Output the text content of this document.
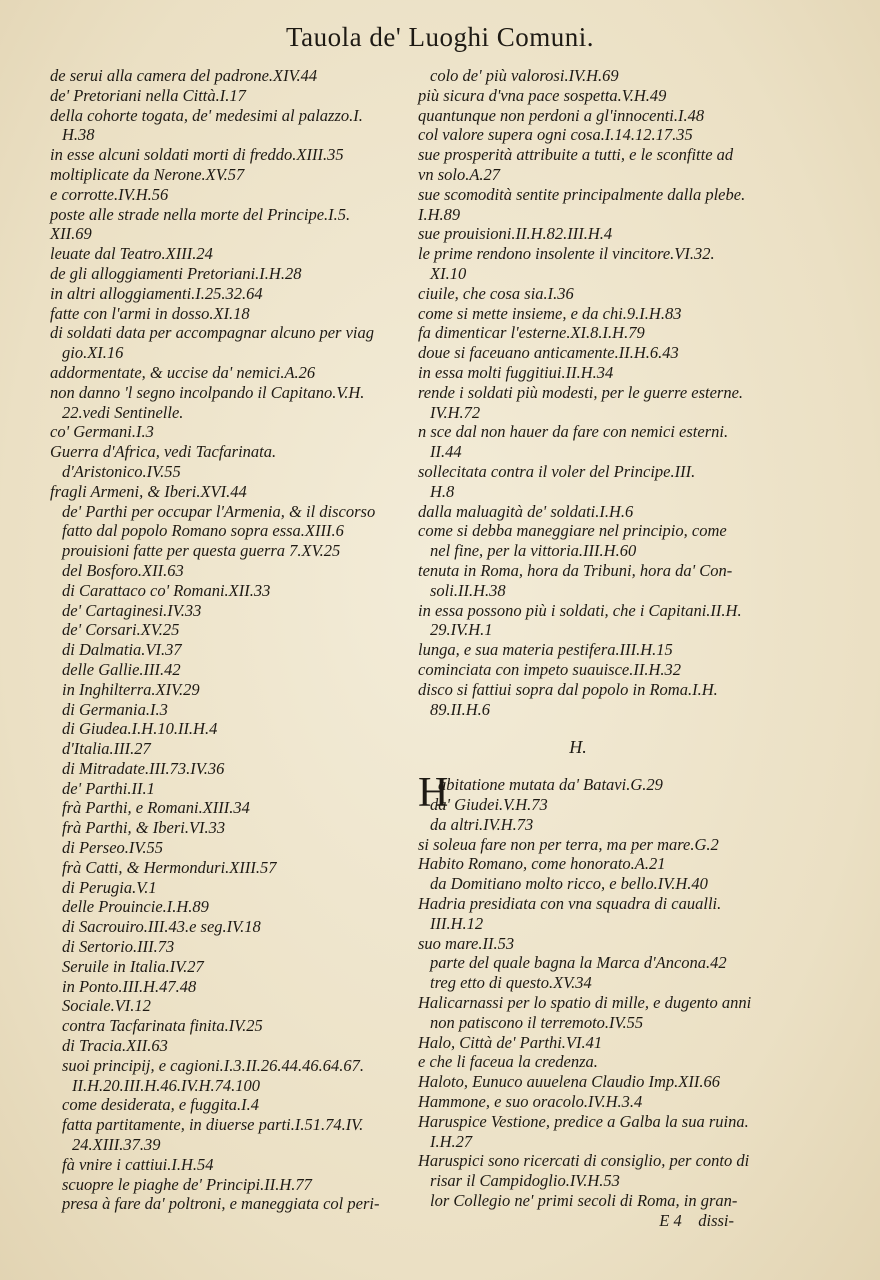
Tauola de' Luoghi Comuni.
de serui alla camera del padrone.XIV.44
de' Pretoriani nella Città.I.17
della cohorte togata, de' medesimi al palazzo.I.
H.38
in esse alcuni soldati morti di freddo.XIII.35
moltiplicate da Nerone.XV.57
e corrotte.IV.H.56
poste alle strade nella morte del Principe.I.5.
XII.69
leuate dal Teatro.XIII.24
de gli alloggiamenti Pretoriani.I.H.28
in altri alloggiamenti.I.25.32.64
fatte con l'armi in dosso.XI.18
di soldati data per accompagnar alcuno per viag
gio.XI.16
addormentate, & uccise da' nemici.A.26
non danno 'l segno incolpando il Capitano.V.H.
22.vedi Sentinelle.
co' Germani.I.3
Guerra d'Africa, vedi Tacfarinata.
d'Aristonico.IV.55
fragli Armeni, & Iberi.XVI.44
de' Parthi per occupar l'Armenia, & il discorso
fatto dal popolo Romano sopra essa.XIII.6
prouisioni fatte per questa guerra 7.XV.25
del Bosforo.XII.63
di Carattaco co' Romani.XII.33
de' Cartaginesi.IV.33
de' Corsari.XV.25
di Dalmatia.VI.37
delle Gallie.III.42
in Inghilterra.XIV.29
di Germania.I.3
di Giudea.I.H.10.II.H.4
d'Italia.III.27
di Mitradate.III.73.IV.36
de' Parthi.II.1
frà Parthi, e Romani.XIII.34
frà Parthi, & Iberi.VI.33
di Perseo.IV.55
frà Catti, & Hermonduri.XIII.57
di Perugia.V.1
delle Prouincie.I.H.89
di Sacrouiro.III.43.e seg.IV.18
di Sertorio.III.73
Seruile in Italia.IV.27
in Ponto.III.H.47.48
Sociale.VI.12
contra Tacfarinata finita.IV.25
di Tracia.XII.63
suoi principij, e cagioni.I.3.II.26.44.46.64.67.
II.H.20.III.H.46.IV.H.74.100
come desiderata, e fuggita.I.4
fatta partitamente, in diuerse parti.I.51.74.IV.
24.XIII.37.39
fà vnire i cattiui.I.H.54
scuopre le piaghe de' Principi.II.H.77
presa à fare da' poltroni, e maneggiata col peri-
colo de' più valorosi.IV.H.69
più sicura d'vna pace sospetta.V.H.49
quantunque non perdoni a gl'innocenti.I.48
col valore supera ogni cosa.I.14.12.17.35
sue prosperità attribuite a tutti, e le sconfitte ad
vn solo.A.27
sue scomodità sentite principalmente dalla plebe.
I.H.89
sue prouisioni.II.H.82.III.H.4
le prime rendono insolente il vincitore.VI.32.
XI.10
ciuile, che cosa sia.I.36
come si mette insieme, e da chi.9.I.H.83
fa dimenticar l'esterne.XI.8.I.H.79
doue si faceuano anticamente.II.H.6.43
in essa molti fuggitiui.II.H.34
rende i soldati più modesti, per le guerre esterne.
IV.H.72
n sce dal non hauer da fare con nemici esterni.
II.44
sollecitata contra il voler del Principe.III.
H.8
dalla maluagità de' soldati.I.H.6
come si debba maneggiare nel principio, come
nel fine, per la vittoria.III.H.60
tenuta in Roma, hora da Tribuni, hora da' Con-
soli.II.H.38
in essa possono più i soldati, che i Capitani.II.H.
29.IV.H.1
lunga, e sua materia pestifera.III.H.15
cominciata con impeto suauisce.II.H.32
disco si fattiui sopra dal popolo in Roma.I.H.
89.II.H.6
H.
H
abitatione mutata da' Batavi.G.29
da' Giudei.V.H.73
da altri.IV.H.73
si soleua fare non per terra, ma per mare.G.2
Habito Romano, come honorato.A.21
da Domitiano molto ricco, e bello.IV.H.40
Hadria presidiata con vna squadra di caualli.
III.H.12
suo mare.II.53
parte del quale bagna la Marca d'Ancona.42
treg etto di questo.XV.34
Halicarnassi per lo spatio di mille, e dugento anni
non patiscono il terremoto.IV.55
Halo, Città de' Parthi.VI.41
e che li faceua la credenza.
Haloto, Eunuco auuelena Claudio Imp.XII.66
Hammone, e suo oracolo.IV.H.3.4
Haruspice Vestione, predice a Galba la sua ruina.
I.H.27
Haruspici sono ricercati di consiglio, per conto di
risar il Campidoglio.IV.H.53
lor Collegio ne' primi secoli di Roma, in gran-
E 4 dissi-
